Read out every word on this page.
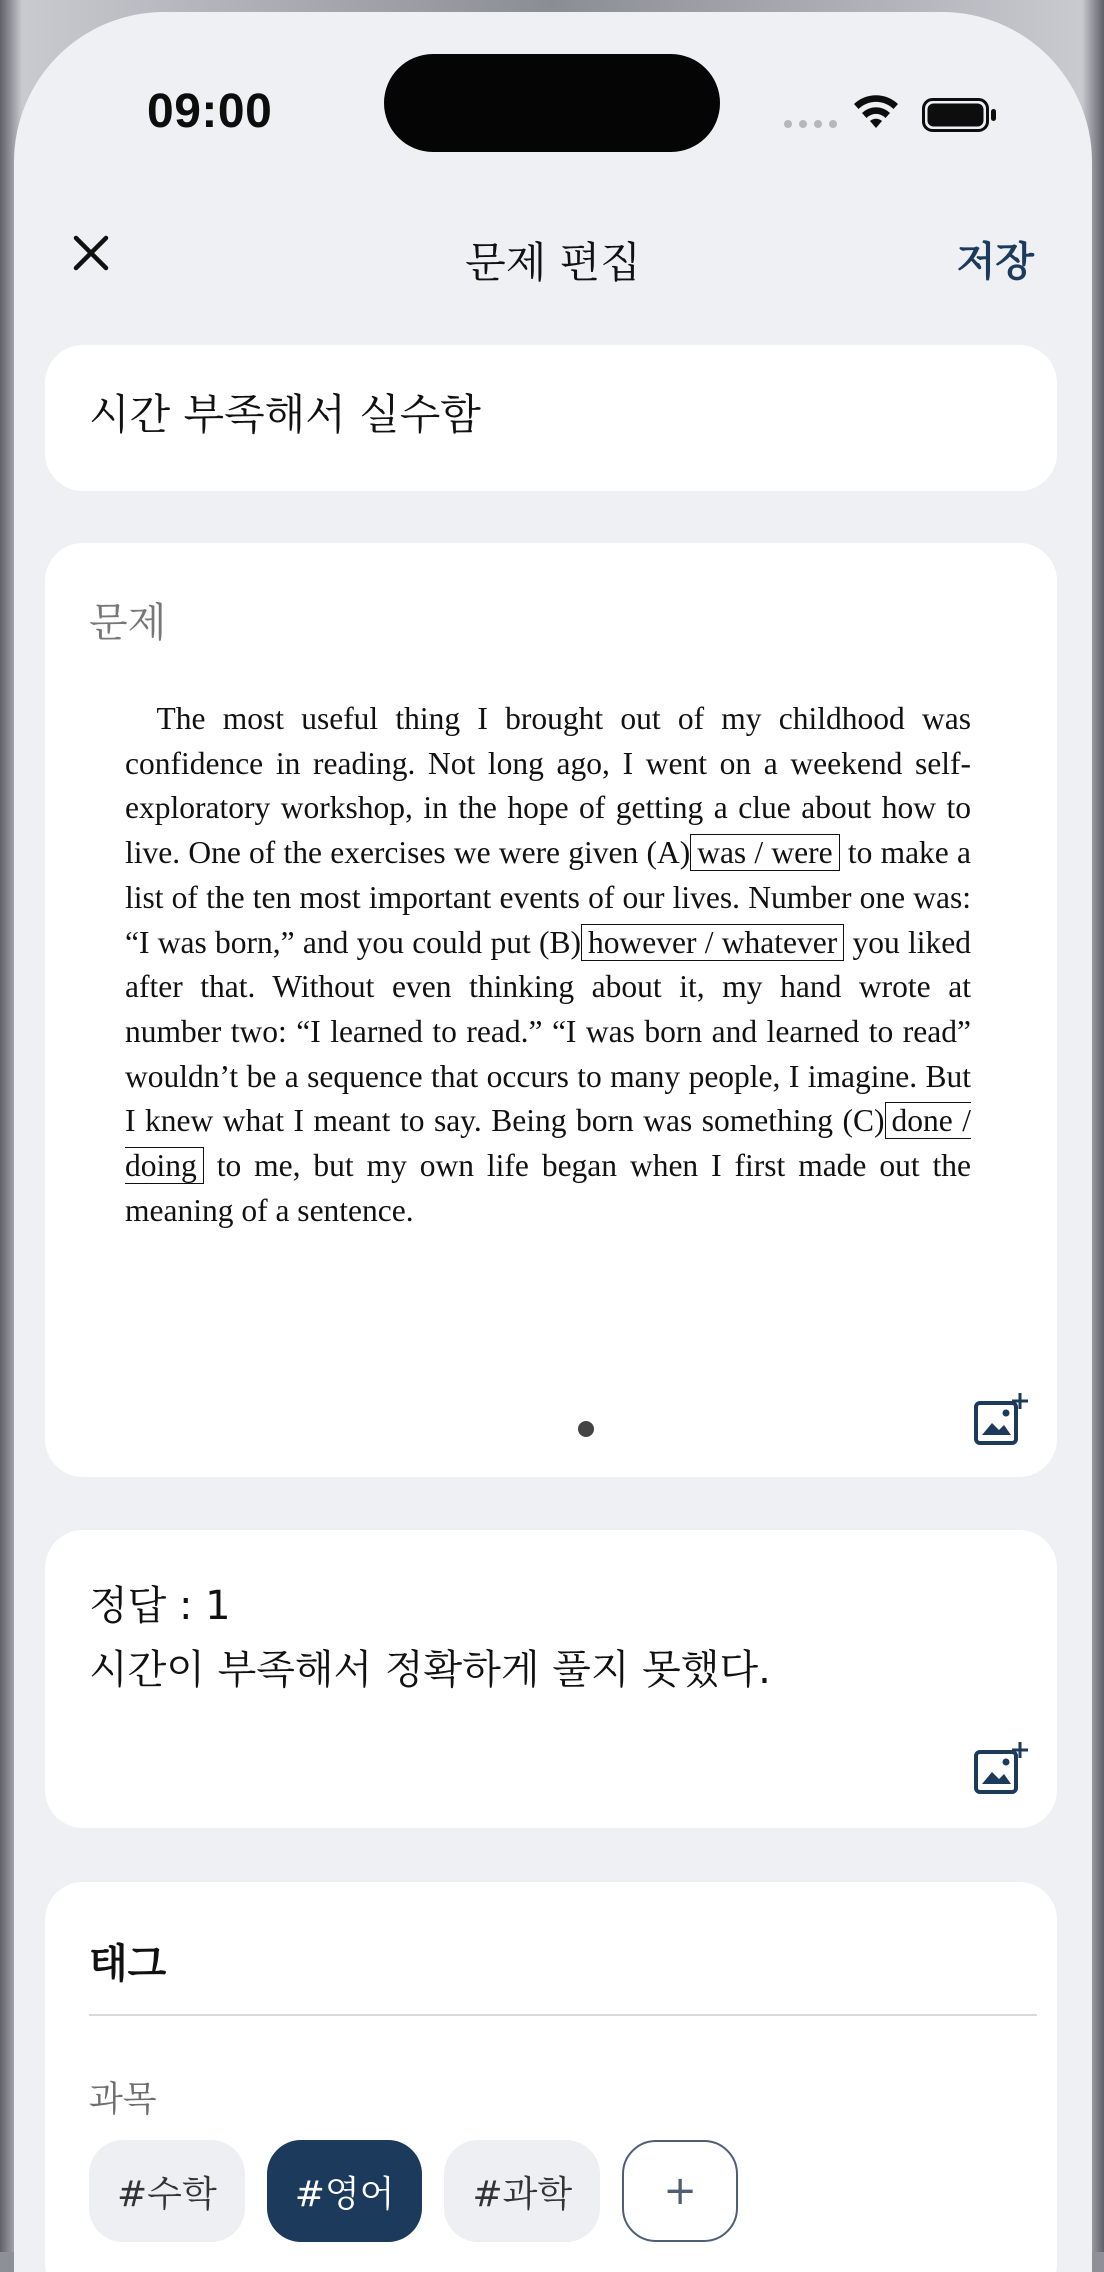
09:00
문제 편집	저장
시간 부족해서 실수함
문제
 The most useful thing I brought out of my childhood was confidence in reading. Not long ago, I went on a weekend self-exploratory workshop, in the hope of getting a clue about how to live. One of the exercises we were given (A) was / were to make a list of the ten most important events of our lives. Number one was: “I was born,” and you could put (B) however / whatever you liked after that. Without even thinking about it, my hand wrote at number two: “I learned to read.” “I was born and learned to read” wouldn’t be a sequence that occurs to many people, I imagine. But I knew what I meant to say. Being born was something (C) done / doing to me, but my own life began when I first made out the meaning of a sentence.
정답 : 1
시간이 부족해서 정확하게 풀지 못했다.
태그
과목
#수학	#영어	#과학	+
